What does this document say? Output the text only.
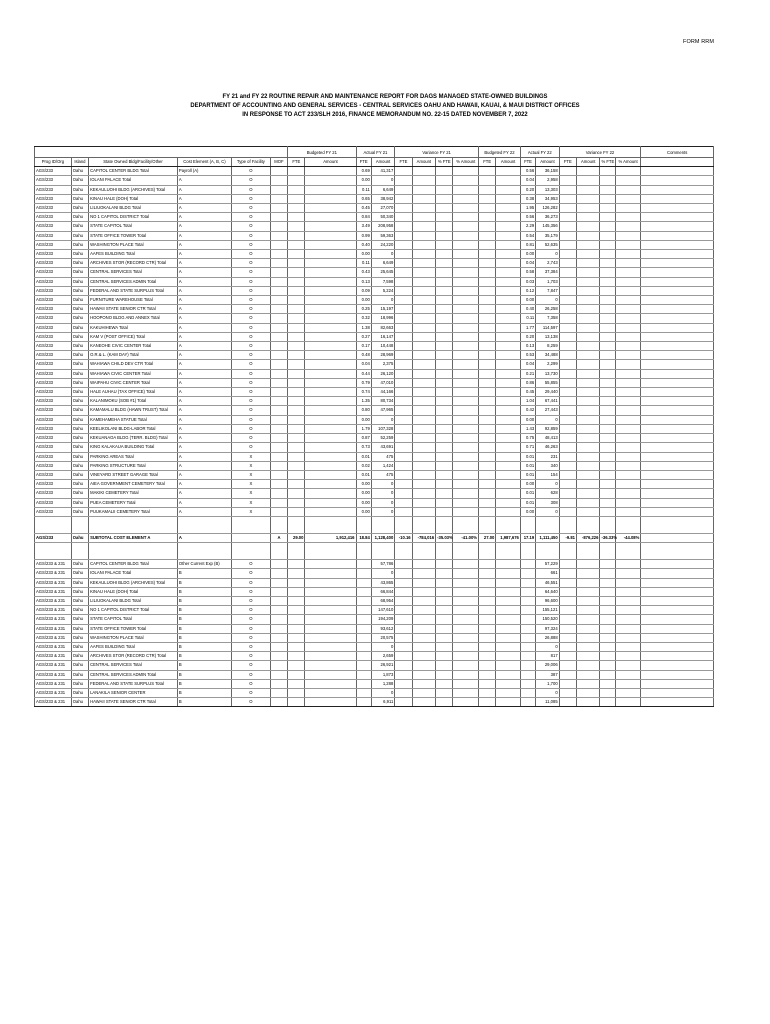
FORM RRM
FY 21 and FY 22 ROUTINE REPAIR AND MAINTENANCE REPORT FOR DAGS MANAGED STATE-OWNED BUILDINGS
DEPARTMENT OF ACCOUNTING AND GENERAL SERVICES - CENTRAL SERVICES OAHU AND HAWAII, KAUAI, & MAUI DISTRICT OFFICES
IN RESPONSE TO ACT 233/SLH 2016, FINANCE MEMORANDUM NO. 22-15 DATED NOVEMBER 7, 2022
						Budgeted FY 21		Actual FY 21		Variance FY 21				Budgeted FY 22		Actual FY 22		Variance FY 22				Comments
Prog ID/Org	Island	State Owned Bldg/Facility/Other	Cost Element (A, B, C)	Type of Facility	MOF	FTE	Amount	FTE	Amount	FTE	Amount	% FTE	% Amount	FTE	Amount	FTE	Amount	FTE	Amount	% FTE	% Amount	
AGS/233	Oahu	CAPITOL CENTER BLDG Total	Payroll (A)	O				0.69	41,317							0.56	36,158					
AGS/233	Oahu	IOLANI PALACE Total	A	O				0.00	0							0.04	2,958					
AGS/233	Oahu	KEKAULUOHI BLDG (ARCHIVES) Total	A	O				0.11	6,649							0.20	13,303					
AGS/233	Oahu	KINAU HALE (DOH) Total	A	O				0.65	38,942							0.38	34,953					
AGS/233	Oahu	LILIUOKALANI BLDG Total	A	O				0.45	27,070							1.95	126,282					
AGS/233	Oahu	NO 1 CAPITOL DISTRICT Total	A	O				0.84	50,340							0.56	36,273					
AGS/233	Oahu	STATE CAPITOL Total	A	O				3.49	208,958							2.29	145,356					
AGS/233	Oahu	STATE OFFICE TOWER Total	A	O				0.99	59,363							0.54	35,179					
AGS/233	Oahu	WASHINGTON PLACE Total	A	O				0.40	24,220							0.81	52,635					
AGS/233	Oahu	AAFES BUILDING Total	A	O				0.00	0							0.00	0					
AGS/233	Oahu	ARCHIVES STOR (RECORD CTR) Total	A	O				0.11	6,649							0.04	2,743					
AGS/233	Oahu	CENTRAL SERVICES Total	A	O				0.43	25,645							0.58	37,384					
AGS/233	Oahu	CENTRAL SERVICES ADMIN Total	A	O				0.13	7,598							0.03	1,703					
AGS/233	Oahu	FEDERAL AND STATE SURPLUS Total	A	O				0.09	5,224							0.12	7,847					
AGS/233	Oahu	FURNITURE WAREHOUSE Total	A	O				0.00	0							0.00	0					
AGS/233	Oahu	HAWAII STATE SENIOR CTR Total	A	O				0.25	15,197							0.40	26,258					
AGS/233	Oahu	HOOPONO BLDG AND ANNEX Total	A	O				0.32	18,996							0.11	7,358					
AGS/233	Oahu	KAKUHIHEWA Total	A	O				1.38	82,663							1.77	114,597					
AGS/233	Oahu	KAM V (POST OFFICE) Total	A	O				0.27	16,147							0.20	13,138					
AGS/233	Oahu	KANEOHE CIVIC CENTER Total	A	O				0.17	10,448							0.13	8,259					
AGS/233	Oahu	O.R.& L. (KAM DAY) Total	A	O				0.48	28,969							0.53	34,488					
AGS/233	Oahu	WAHIAWA CHILD DEV CTR Total	A	O				0.04	2,375							0.04	2,299					
AGS/233	Oahu	WAHIAWA CIVIC CENTER Total	A	O				0.44	26,120							0.21	13,730					
AGS/233	Oahu	WAIPAHU CIVIC CENTER Total	A	O				0.79	47,010							0.86	55,855					
AGS/233	Oahu	HALE AUHAU (TAX OFFICE) Total	A	O				0.74	44,166							0.45	29,440					
AGS/233	Oahu	KALANIMOKU (SOB #1) Total	A	O				1.35	80,734							1.04	67,441					
AGS/233	Oahu	KAMAMALU BLDG (HAWN TRUST) Total	A	O				0.80	47,965							0.42	27,443					
AGS/233	Oahu	KAMEHAMEHA STATUE Total	A	O				0.00	0							0.00	0					
AGS/233	Oahu	KEELIKOLANI BLDG-LABOR Total	A	O				1.79	107,328							1.43	92,859					
AGS/233	Oahu	KEKUANAOA BLDG (TERR. BLDG) Total	A	O				0.87	52,259							0.75	48,413					
AGS/233	Oahu	KING KALAKAUA BUILDING Total	A	O				0.73	43,691							0.71	46,263					
AGS/233	Oahu	PARKING AREAS Total	A	X				0.01	475							0.01	231					
AGS/233	Oahu	PARKING STRUCTURE Total	A	X				0.02	1,424							0.01	340					
AGS/233	Oahu	VINEYARD STREET GARAGE Total	A	X				0.01	475							0.01	154					
AGS/233	Oahu	AIEA GOVERNMENT CEMETERY Total	A	X				0.00	0							0.00	0					
AGS/233	Oahu	MAKIKI CEMETERY Total	A	X				0.00	0							0.01	628					
AGS/233	Oahu	PUEA CEMETERY Total	A	X				0.00	0							0.01	308					
AGS/233	Oahu	PUUKAMALII CEMETERY Total	A	X				0.00	0							0.00	0					

AGS/233	Oahu	SUBTOTAL COST ELEMENT A	A		A	29.00	1,912,416	18.84	1,128,400	-10.16	-784,016	-35.03%	-41.00%	27.00	1,987,676	17.19	1,111,450	-9.81	-876,226	-36.33%	-44.08%	

AGS/233 & 231	Oahu	CAPITOL CENTER BLDG Total	Other Current Exp (B)	O					57,786								57,229					
AGS/233 & 231	Oahu	IOLANI PALACE Total	B	O					0								661					
AGS/233 & 231	Oahu	KEKAULUOHI BLDG (ARCHIVES) Total	B	O					43,865								46,551					
AGS/233 & 231	Oahu	KINAU HALE (DOH) Total	B	O					66,844								64,640					
AGS/233 & 231	Oahu	LILIUOKALANI BLDG Total	B	O					68,954								96,600					
AGS/233 & 231	Oahu	NO 1 CAPITOL DISTRICT Total	B	O					147,610								155,121					
AGS/233 & 231	Oahu	STATE CAPITOL Total	B	O					194,209								150,520					
AGS/233 & 231	Oahu	STATE OFFICE TOWER Total	B	O					93,612								97,324					
AGS/233 & 231	Oahu	WASHINGTON PLACE Total	B	O					20,575								26,888					
AGS/233 & 231	Oahu	AAFES BUILDING Total	B	O					0								0					
AGS/233 & 231	Oahu	ARCHIVES STOR (RECORD CTR) Total	B	O					2,659								817					
AGS/233 & 231	Oahu	CENTRAL SERVICES Total	B	O					26,921								29,006					
AGS/233 & 231	Oahu	CENTRAL SERVICES ADMIN Total	B	O					1,873								387					
AGS/233 & 231	Oahu	FEDERAL AND STATE SURPLUS Total	B	O					1,288								1,700					
AGS/233 & 231	Oahu	LANAKILA SENIOR CENTER	B	O					0								0					
AGS/233 & 231	Oahu	HAWAII STATE SENIOR CTR Total	B	O					6,911								11,085					
